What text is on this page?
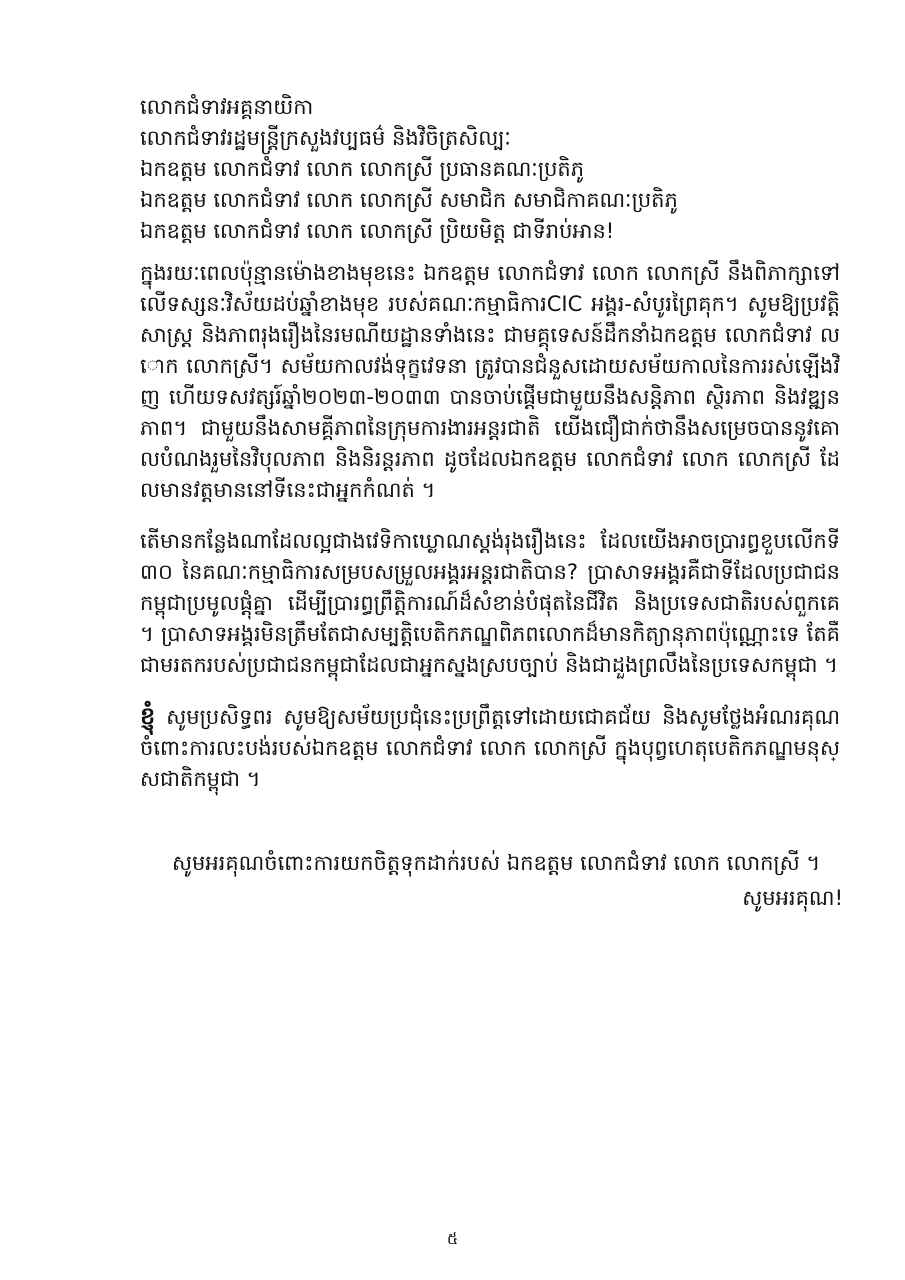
លោកជំទាវអគ្គនាយិកា
លោកជំទាវរដ្ឋមន្ត្រីក្រសួងវប្បធម៌ និងវិចិត្រសិល្បៈ
ឯកឧត្តម លោកជំទាវ លោក លោកស្រី ប្រធានគណៈប្រតិភូ
ឯកឧត្តម លោកជំទាវ លោក លោកស្រី សមាជិក សមាជិកាគណៈប្រតិភូ
ឯកឧត្តម លោកជំទាវ លោក លោកស្រី ប្រិយមិត្ត ជាទីរាប់អាន!

ក្នុងរយៈពេលប៉ុន្មានម៉ោងខាងមុខនេះ ឯកឧត្តម លោកជំទាវ លោក លោកស្រី នឹងពិភាក្សាទៅលើទស្សនៈវិស័យដប់ឆ្នាំខាងមុខ របស់គណៈកម្មាធិការCIC អង្គរ-សំបូរព្រៃគុក។ សូមឱ្យប្រវត្តិសាស្ត្រ និងភាពរុងរឿងនៃរមណីយដ្ឋានទាំងនេះ ជាមគ្គុទេសន៍ដឹកនាំឯកឧត្តម លោកជំទាវ លោក លោកស្រី។ សម័យកាលវង់ទុក្ខវេទនា ត្រូវបានជំនួសដោយសម័យកាលនៃការរស់ឡើងវិញ ហើយទសវត្សរ៍ឆ្នាំ២០២៣-២០៣៣ បានចាប់ផ្តើមជាមួយនឹងសន្តិភាព ស្ថិរភាព និងវឌ្ឍនភាព។ ជាមួយនឹងសាមគ្គីភាពនៃក្រុមការងារអន្តរជាតិ យើងជឿជាក់ថានឹងសម្រេចបាននូវគោលបំណងរួមនៃវិបុលភាព និងនិរន្តរភាព ដូចដែលឯកឧត្តម លោកជំទាវ លោក លោកស្រី ដែលមានវត្តមាននៅទីនេះជាអ្នកកំណត់ ។

តើមានកន្លែងណាដែលល្អជាងវេទិកាឃ្លោណស្តង់រុងរឿងនេះ ដែលយើងអាចប្រារព្ធខួបលើកទី៣០ នៃគណៈកម្មាធិការសម្របសម្រួលអង្គរអន្តរជាតិបាន? ប្រាសាទអង្គរគឺជាទីដែលប្រជាជនកម្ពុជាប្រមូលផ្តុំគ្នា ដើម្បីប្រារព្ធព្រឹត្តិការណ៍ដ៏សំខាន់បំផុតនៃជីវិត និងប្រទេសជាតិរបស់ពួកគេ ។ ប្រាសាទអង្គរមិនត្រឹមតែជាសម្បត្តិបេតិកភណ្ឌពិភពលោកដ៏មានកិត្យានុភាពប៉ុណ្ណោះទេ តែគឺជាមរតករបស់ប្រជាជនកម្ពុជាដែលជាអ្នកស្នងស្របច្បាប់ និងជាដួងព្រលឹងនៃប្រទេសកម្ពុជា ។

ខ្ញុំ សូមប្រសិទ្ធពរ សូមឱ្យសម័យប្រជុំនេះប្រព្រឹត្តទៅដោយជោគជ័យ និងសូមថ្លែងអំណរគុណចំពោះការលះបង់របស់ឯកឧត្តម លោកជំទាវ លោក លោកស្រី ក្នុងបុព្វហេតុបេតិកភណ្ឌមនុស្សជាតិកម្ពុជា ។

សូមអរគុណចំពោះការយកចិត្តទុកដាក់របស់ ឯកឧត្តម លោកជំទាវ លោក លោកស្រី ។
សូមអរគុណ!
៥
